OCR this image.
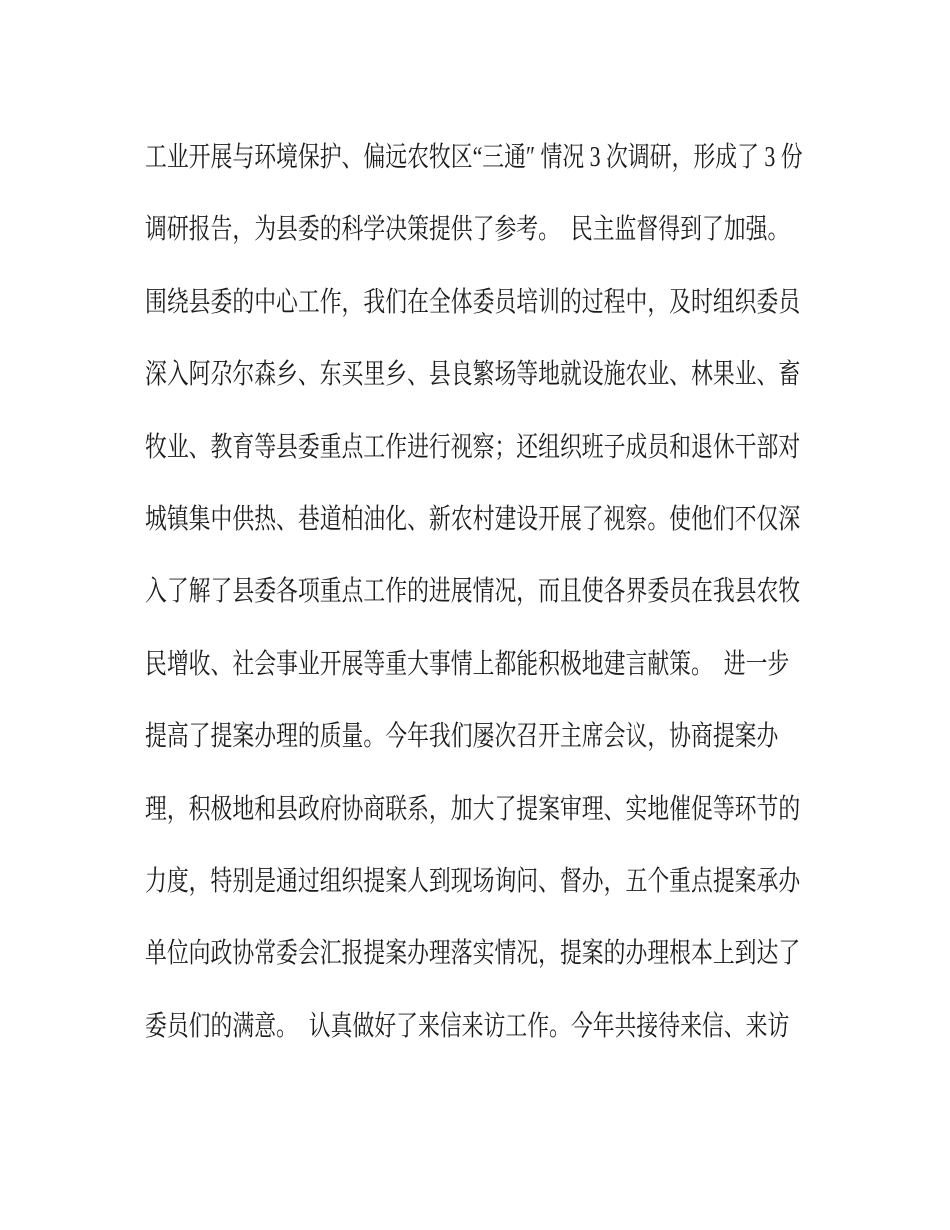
工业开展与环境保护、偏远农牧区“三通″ 情况 3 次调研，形成了 3 份

调研报告，为县委的科学决策提供了参考。　民主监督得到了加强。

围绕县委的中心工作，我们在全体委员培训的过程中，及时组织委员

深入阿尕尔森乡、东买里乡、县良繁场等地就设施农业、林果业、畜

牧业、教育等县委重点工作进行视察；还组织班子成员和退休干部对

城镇集中供热、巷道柏油化、新农村建设开展了视察。使他们不仅深

入了解了县委各项重点工作的进展情况，而且使各界委员在我县农牧

民增收、社会事业开展等重大事情上都能积极地建言献策。　进一步

提高了提案办理的质量。今年我们屡次召开主席会议，协商提案办

理，积极地和县政府协商联系，加大了提案审理、实地催促等环节的

力度，特别是通过组织提案人到现场询问、督办，五个重点提案承办

单位向政协常委会汇报提案办理落实情况，提案的办理根本上到达了

委员们的满意。　认真做好了来信来访工作。今年共接待来信、来访
